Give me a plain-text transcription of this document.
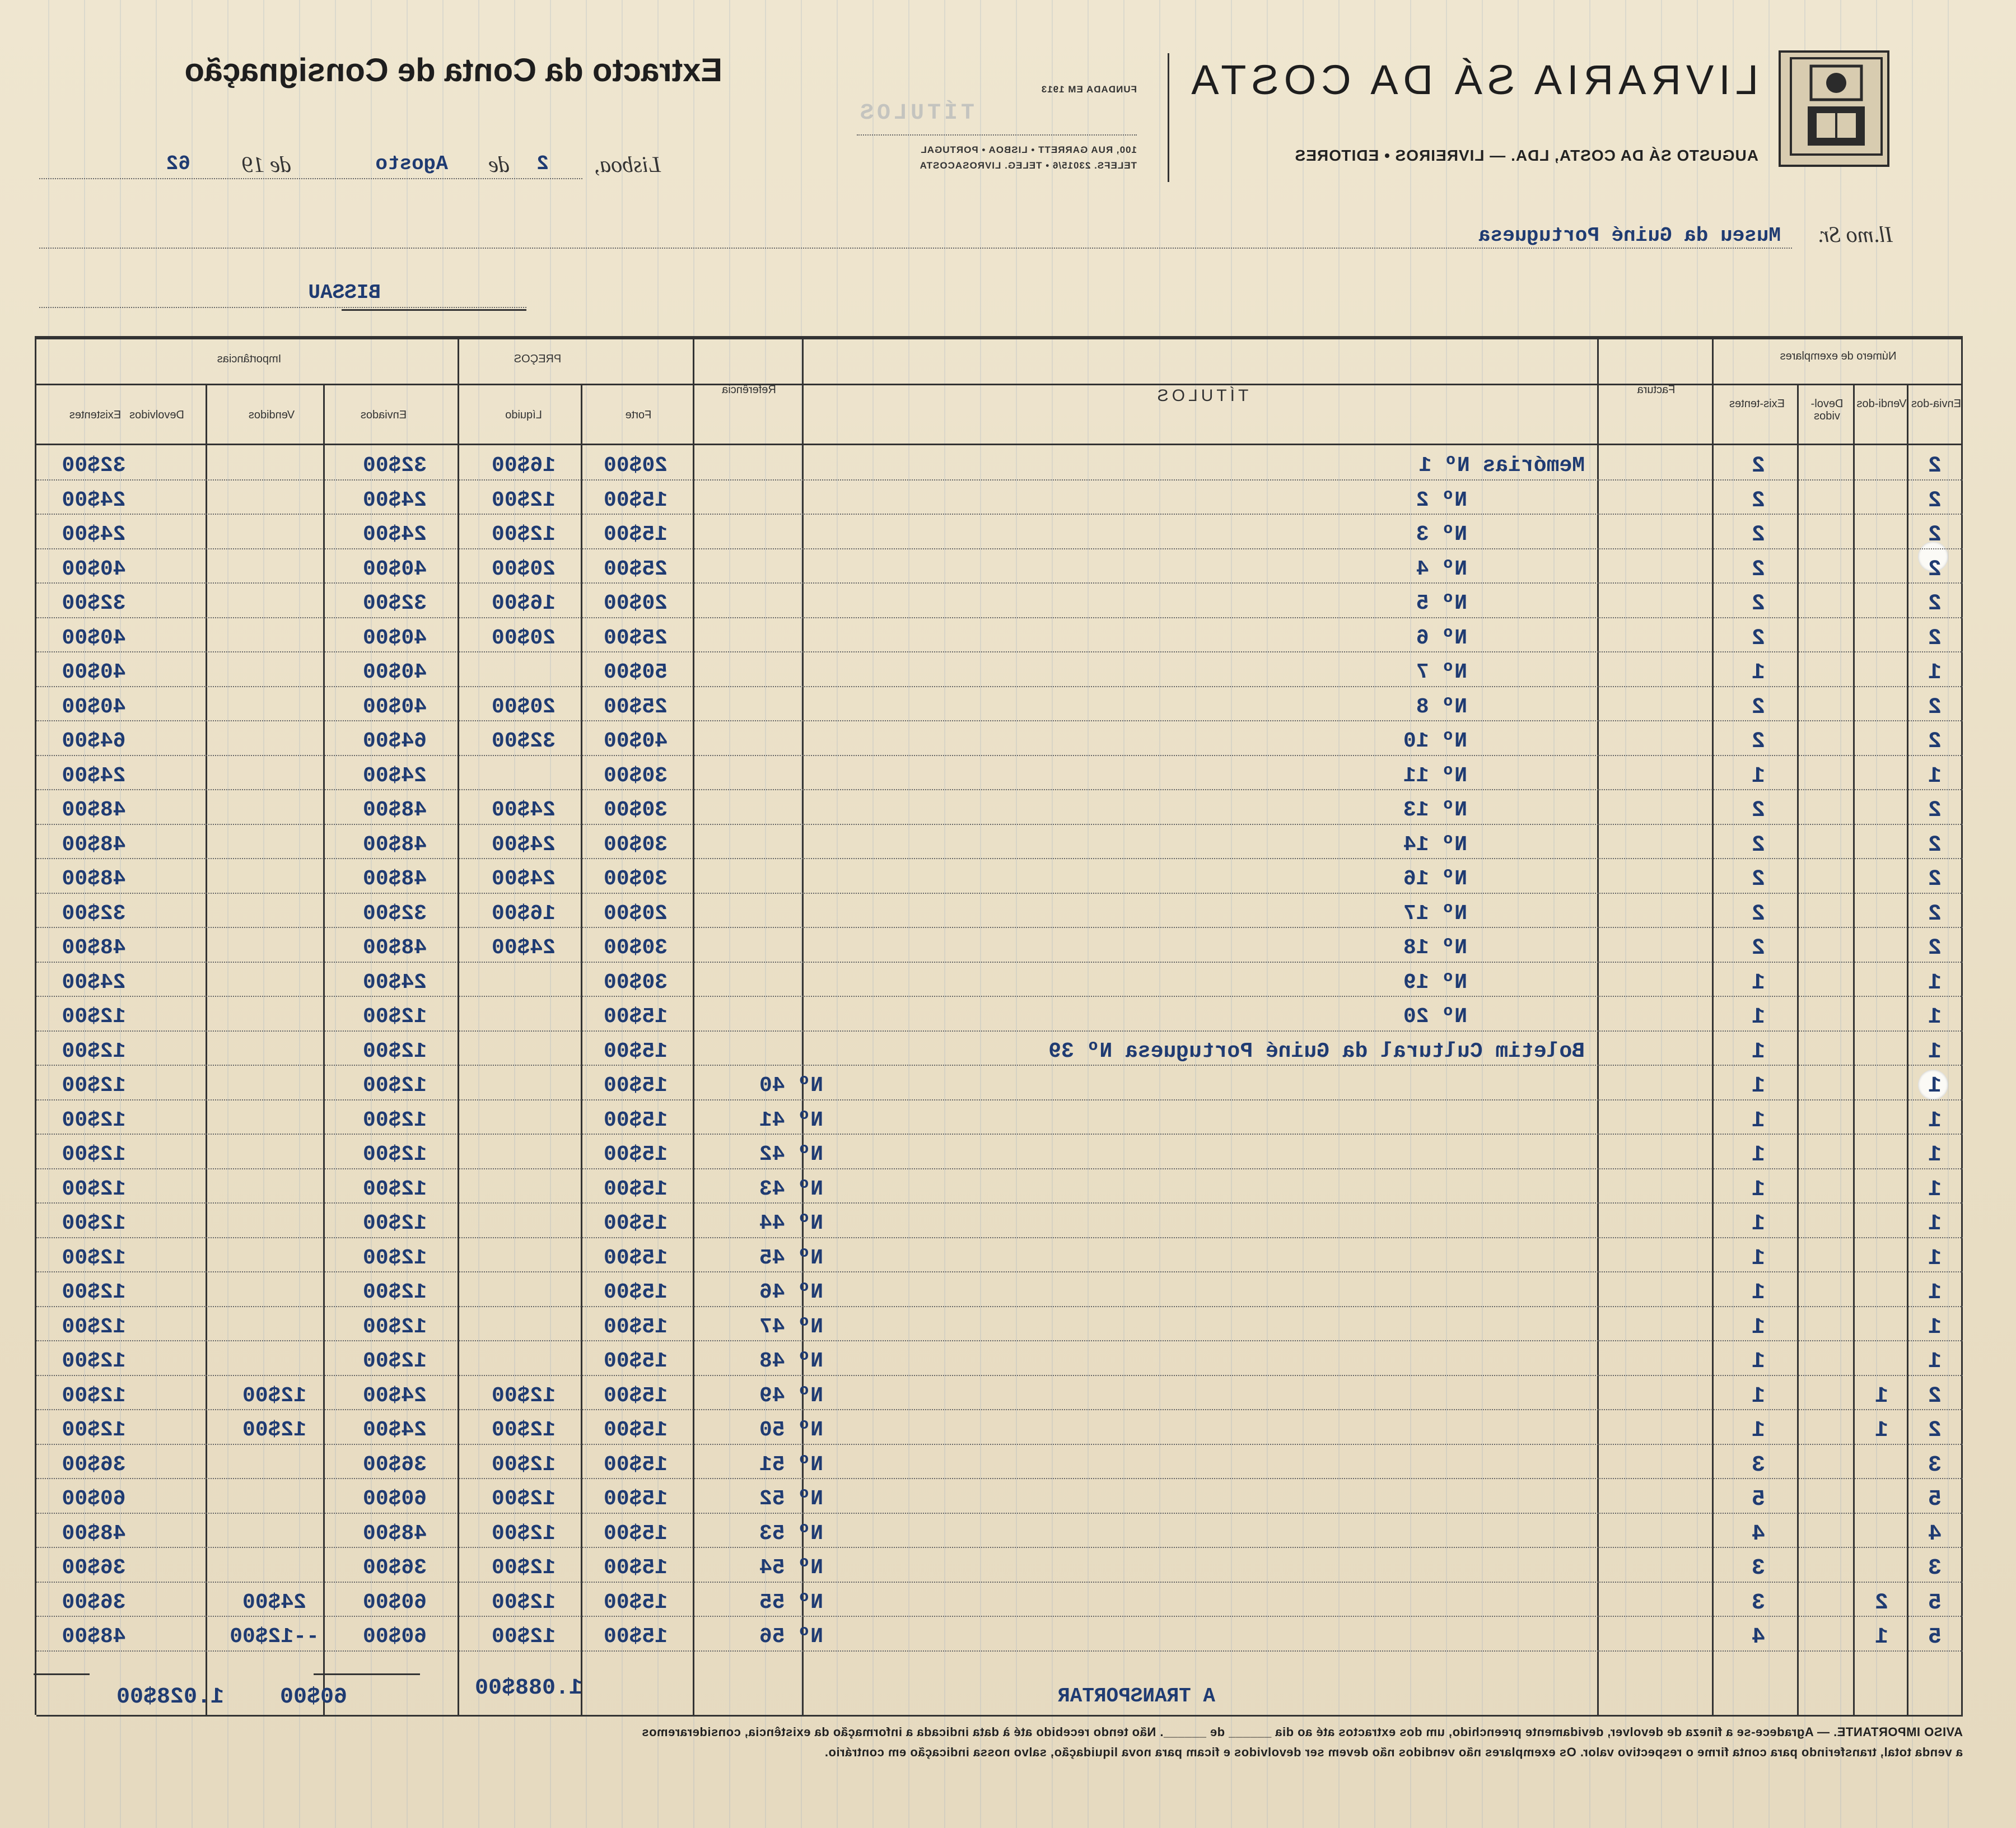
LIVRARIA SÁ DA COSTA
AUGUSTO SÁ DA COSTA, LDA. — LIVREIROS • EDITORES
FUNDADA EM 1913
100, RUA GARRETT • LISBOA • PORTUGAL
TELEFS. 23015/6 • TELEG. LIVROSACOSTA
Extracto da Conta de Consignação
Lisboa,
2
de
Agosto
de 19
62
Il.mo Sr.
Museu da Guiné Portuguesa
BISSAU
TÍTULOS
Número de exemplares
Envia-dos
Vendi-dos
Devol-vidos
Exis-tentes
Factura
TÍTULOS
Referência
PREÇOS
Forte
Líquido
Importâncias
Enviados
Vendidos
Devolvidos
Existentes
2
2
Memórias Nº 1
20$00
16$00
32$00
32$00
2
2
Nº 2
15$00
12$00
24$00
24$00
2
2
Nº 3
15$00
12$00
24$00
24$00
2
2
Nº 4
25$00
20$00
40$00
40$00
2
2
Nº 5
20$00
16$00
32$00
32$00
2
2
Nº 6
25$00
20$00
40$00
40$00
1
1
Nº 7
50$00
40$00
40$00
2
2
Nº 8
25$00
20$00
40$00
40$00
2
2
Nº 10
40$00
32$00
64$00
64$00
1
1
Nº 11
30$00
24$00
24$00
2
2
Nº 13
30$00
24$00
48$00
48$00
2
2
Nº 14
30$00
24$00
48$00
48$00
2
2
Nº 16
30$00
24$00
48$00
48$00
2
2
Nº 17
20$00
16$00
32$00
32$00
2
2
Nº 18
30$00
24$00
48$00
48$00
1
1
Nº 19
30$00
24$00
24$00
1
1
Nº 20
15$00
12$00
12$00
1
1
Boletim Cultural da Guiné Portuguesa Nº 39
15$00
12$00
12$00
1
1
Nº 40
15$00
12$00
12$00
1
1
Nº 41
15$00
12$00
12$00
1
1
Nº 42
15$00
12$00
12$00
1
1
Nº 43
15$00
12$00
12$00
1
1
Nº 44
15$00
12$00
12$00
1
1
Nº 45
15$00
12$00
12$00
1
1
Nº 46
15$00
12$00
12$00
1
1
Nº 47
15$00
12$00
12$00
1
1
Nº 48
15$00
12$00
12$00
2
1
1
Nº 49
15$00
12$00
24$00
12$00
12$00
2
1
1
Nº 50
15$00
12$00
24$00
12$00
12$00
3
3
Nº 51
15$00
12$00
36$00
36$00
5
5
Nº 52
15$00
12$00
60$00
60$00
4
4
Nº 53
15$00
12$00
48$00
48$00
3
3
Nº 54
15$00
12$00
36$00
36$00
5
2
3
Nº 55
15$00
12$00
60$00
24$00
36$00
5
1
4
Nº 56
15$00
12$00
60$00
--12$00
48$00
A TRANSPORTAR
1.088$00
60$00
1.028$00
AVISO IMPORTANTE. — Agradece-se a fineza de devolver, devidamente preenchido, um dos extractos até ao dia ______ de ______. Não tendo recebido até à data indicada a informação da existência, consideraremos
a venda total, transferindo para conta firme o respectivo valor. Os exemplares não vendidos não devem ser devolvidos e ficam para nova liquidação, salvo nossa indicação em contrário.
